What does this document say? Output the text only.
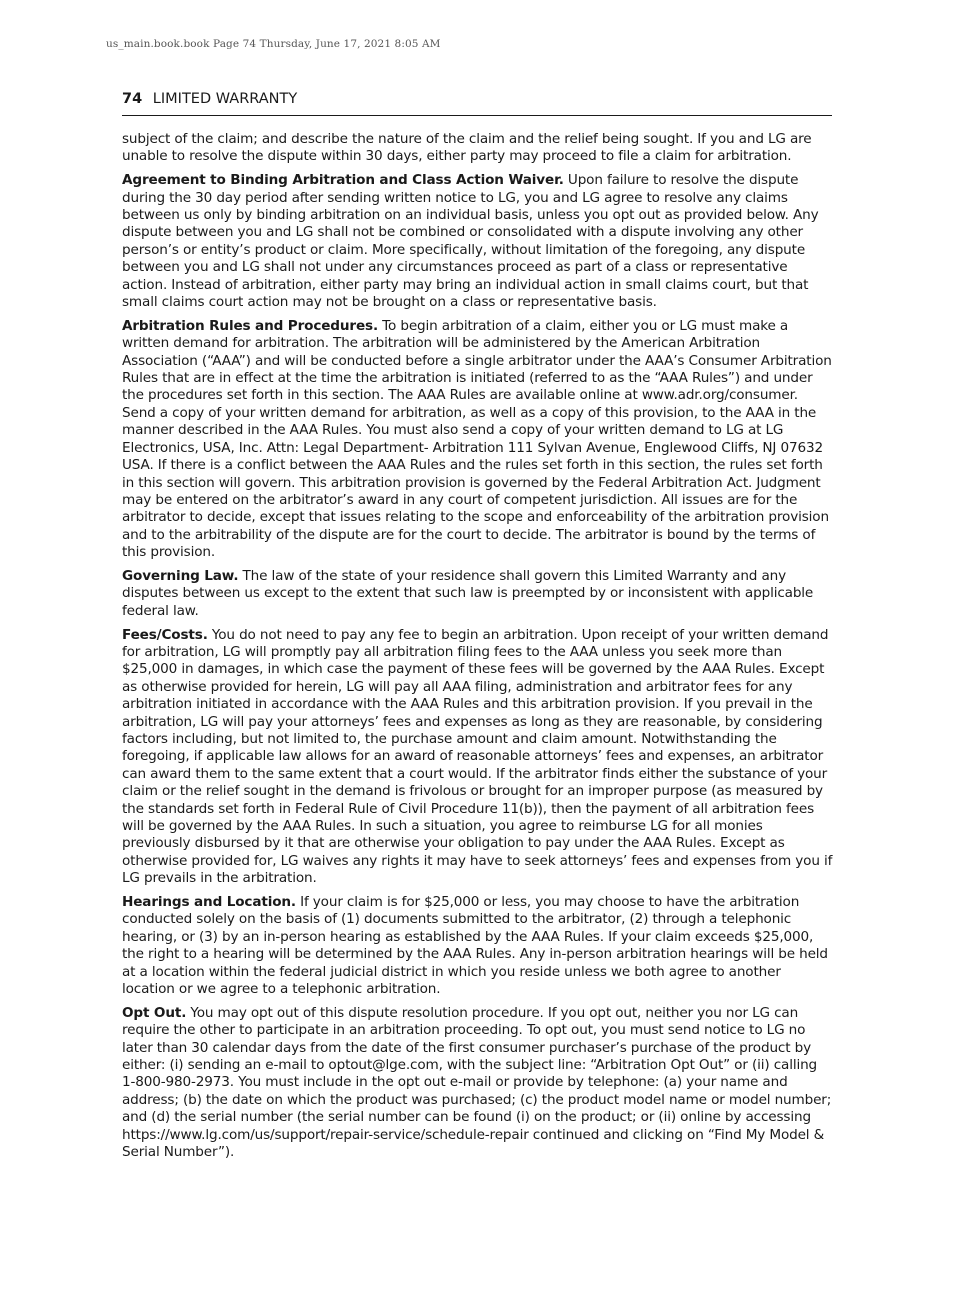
us_main.book.book Page 74 Thursday, June 17, 2021 8:05 AM
74 LIMITED WARRANTY

subject of the claim; and describe the nature of the claim and the relief being sought. If you and LG are unable to resolve the dispute within 30 days, either party may proceed to file a claim for arbitration.

Agreement to Binding Arbitration and Class Action Waiver. Upon failure to resolve the dispute during the 30 day period after sending written notice to LG, you and LG agree to resolve any claims between us only by binding arbitration on an individual basis, unless you opt out as provided below. Any dispute between you and LG shall not be combined or consolidated with a dispute involving any other person’s or entity’s product or claim. More specifically, without limitation of the foregoing, any dispute between you and LG shall not under any circumstances proceed as part of a class or representative action. Instead of arbitration, either party may bring an individual action in small claims court, but that small claims court action may not be brought on a class or representative basis.

Arbitration Rules and Procedures. To begin arbitration of a claim, either you or LG must make a written demand for arbitration. The arbitration will be administered by the American Arbitration Association (“AAA”) and will be conducted before a single arbitrator under the AAA’s Consumer Arbitration Rules that are in effect at the time the arbitration is initiated (referred to as the “AAA Rules”) and under the procedures set forth in this section. The AAA Rules are available online at www.adr.org/consumer. Send a copy of your written demand for arbitration, as well as a copy of this provision, to the AAA in the manner described in the AAA Rules. You must also send a copy of your written demand to LG at LG Electronics, USA, Inc. Attn: Legal Department- Arbitration 111 Sylvan Avenue, Englewood Cliffs, NJ 07632 USA. If there is a conflict between the AAA Rules and the rules set forth in this section, the rules set forth in this section will govern. This arbitration provision is governed by the Federal Arbitration Act. Judgment may be entered on the arbitrator’s award in any court of competent jurisdiction. All issues are for the arbitrator to decide, except that issues relating to the scope and enforceability of the arbitration provision and to the arbitrability of the dispute are for the court to decide. The arbitrator is bound by the terms of this provision.

Governing Law. The law of the state of your residence shall govern this Limited Warranty and any disputes between us except to the extent that such law is preempted by or inconsistent with applicable federal law.

Fees/Costs. You do not need to pay any fee to begin an arbitration. Upon receipt of your written demand for arbitration, LG will promptly pay all arbitration filing fees to the AAA unless you seek more than $25,000 in damages, in which case the payment of these fees will be governed by the AAA Rules. Except as otherwise provided for herein, LG will pay all AAA filing, administration and arbitrator fees for any arbitration initiated in accordance with the AAA Rules and this arbitration provision. If you prevail in the arbitration, LG will pay your attorneys’ fees and expenses as long as they are reasonable, by considering factors including, but not limited to, the purchase amount and claim amount. Notwithstanding the foregoing, if applicable law allows for an award of reasonable attorneys’ fees and expenses, an arbitrator can award them to the same extent that a court would. If the arbitrator finds either the substance of your claim or the relief sought in the demand is frivolous or brought for an improper purpose (as measured by the standards set forth in Federal Rule of Civil Procedure 11(b)), then the payment of all arbitration fees will be governed by the AAA Rules. In such a situation, you agree to reimburse LG for all monies previously disbursed by it that are otherwise your obligation to pay under the AAA Rules. Except as otherwise provided for, LG waives any rights it may have to seek attorneys’ fees and expenses from you if LG prevails in the arbitration.

Hearings and Location. If your claim is for $25,000 or less, you may choose to have the arbitration conducted solely on the basis of (1) documents submitted to the arbitrator, (2) through a telephonic hearing, or (3) by an in-person hearing as established by the AAA Rules. If your claim exceeds $25,000, the right to a hearing will be determined by the AAA Rules. Any in-person arbitration hearings will be held at a location within the federal judicial district in which you reside unless we both agree to another location or we agree to a telephonic arbitration.

Opt Out. You may opt out of this dispute resolution procedure. If you opt out, neither you nor LG can require the other to participate in an arbitration proceeding. To opt out, you must send notice to LG no later than 30 calendar days from the date of the first consumer purchaser’s purchase of the product by either: (i) sending an e-mail to optout@lge.com, with the subject line: “Arbitration Opt Out” or (ii) calling 1-800-980-2973. You must include in the opt out e-mail or provide by telephone: (a) your name and address; (b) the date on which the product was purchased; (c) the product model name or model number; and (d) the serial number (the serial number can be found (i) on the product; or (ii) online by accessing https://www.lg.com/us/support/repair-service/schedule-repair continued and clicking on “Find My Model & Serial Number”).
